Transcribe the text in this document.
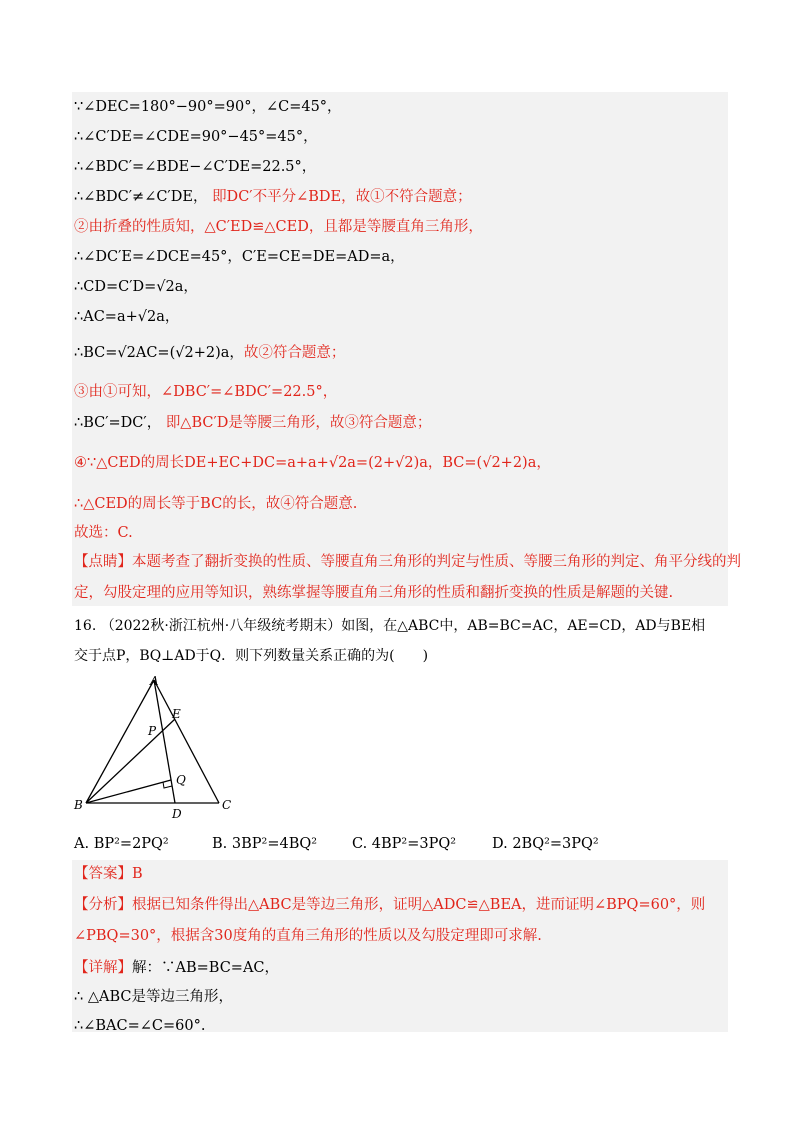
∵∠DEC=180°−90°=90°，∠C=45°，
∴∠C′DE=∠CDE=90°−45°=45°，
∴∠BDC′=∠BDE−∠C′DE=22.5°，
∴∠BDC′≠∠C′DE， 即DC′不平分∠BDE，故①不符合题意；
②由折叠的性质知，△C′ED≌△CED，且都是等腰直角三角形，
∴∠DC′E=∠DCE=45°，C′E=CE=DE=AD=a，
∴CD=C′D=√2a，
∴AC=a+√2a，
∴BC=√2AC=(√2+2)a，故②符合题意；
③由①可知，∠DBC′=∠BDC′=22.5°，
∴BC′=DC′， 即△BC′D是等腰三角形，故③符合题意；
④∵△CED的周长DE+EC+DC=a+a+√2a=(2+√2)a，BC=(√2+2)a，
∴△CED的周长等于BC的长，故④符合题意.
故选：C.
【点睛】本题考查了翻折变换的性质、等腰直角三角形的判定与性质、等腰三角形的判定、角平分线的判
定，勾股定理的应用等知识，熟练掌握等腰直角三角形的性质和翻折变换的性质是解题的关键.
16. （2022秋·浙江杭州·八年级统考期末）如图，在△ABC中，AB=BC=AC，AE=CD，AD与BE相
交于点P，BQ⊥AD于Q．则下列数量关系正确的为(　　)
A
E
P
Q
B
D
C
A. BP²=2PQ²	B. 3BP²=4BQ² C. 4BP²=3PQ² D. 2BQ²=3PQ²
【答案】B
【分析】根据已知条件得出△ABC是等边三角形，证明△ADC≌△BEA，进而证明∠BPQ=60°，则
∠PBQ=30°，根据含30度角的直角三角形的性质以及勾股定理即可求解.
【详解】解：∵AB=BC=AC，
∴ △ABC是等边三角形，
∴∠BAC=∠C=60°.
